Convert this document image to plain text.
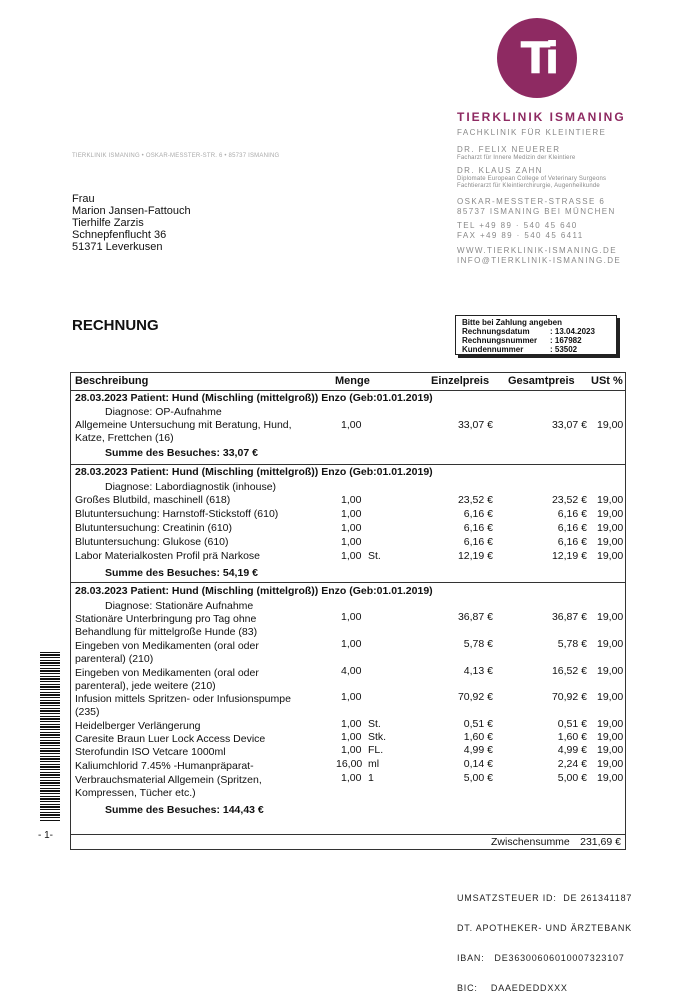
Ti
TIERKLINIK ISMANING
FACHKLINIK FÜR KLEINTIERE
DR. FELIX NEUERER
Facharzt für Innere Medizin der Kleintiere
DR. KLAUS ZAHN
Diplomate European College of Veterinary Surgeons
Fachtierarzt für Kleintierchirurgie, Augenheilkunde
OSKAR-MESSTER-STRASSE 6
85737 ISMANING BEI MÜNCHEN
TEL +49 89 · 540 45 640
FAX +49 89 · 540 45 6411
WWW.TIERKLINIK-ISMANING.DE
INFO@TIERKLINIK-ISMANING.DE
TIERKLINIK ISMANING • OSKAR-MESSTER-STR. 6 • 85737 ISMANING
Frau
Marion Jansen-Fattouch
Tierhilfe Zarzis
Schnepfenflucht 36
51371 Leverkusen
RECHNUNG	Bitte bei Zahlung angeben
Rechnungsdatum	: 13.04.2023
Rechnungsnummer	: 167982
Kundennummer	: 53502
Beschreibung	Menge	Einzelpreis Gesamtpreis USt %
28.03.2023 Patient: Hund (Mischling (mittelgroß)) Enzo (Geb:01.01.2019)
Diagnose: OP-Aufnahme
Allgemeine Untersuchung mit Beratung, Hund,
Katze, Frettchen (16)
1,00	33,07 €	33,07 € 19,00
Summe des Besuches: 33,07 €
28.03.2023 Patient: Hund (Mischling (mittelgroß)) Enzo (Geb:01.01.2019)
Diagnose: Labordiagnostik (inhouse)
Großes Blutbild, maschinell (618)	1,00	23,52 €	23,52 € 19,00
Blutuntersuchung: Harnstoff-Stickstoff (610)	1,00	6,16 €	6,16 € 19,00
Blutuntersuchung: Creatinin (610)	1,00	6,16 €	6,16 € 19,00
Blutuntersuchung: Glukose (610)	1,00	6,16 €	6,16 € 19,00
Labor Materialkosten Profil prä Narkose	1,00 St.	12,19 €	12,19 € 19,00
Summe des Besuches: 54,19 €
28.03.2023 Patient: Hund (Mischling (mittelgroß)) Enzo (Geb:01.01.2019)
Diagnose: Stationäre Aufnahme
Stationäre Unterbringung pro Tag ohne
Behandlung für mittelgroße Hunde (83)
1,00	36,87 €	36,87 € 19,00
Eingeben von Medikamenten (oral oder
parenteral) (210)
1,00	5,78 €	5,78 € 19,00
Eingeben von Medikamenten (oral oder
parenteral), jede weitere (210)
4,00	4,13 €	16,52 € 19,00
Infusion mittels Spritzen- oder Infusionspumpe
(235)
1,00	70,92 €	70,92 € 19,00
Heidelberger Verlängerung	1,00 St.	0,51 €	0,51 € 19,00
Caresite Braun Luer Lock Access Device	1,00 Stk.	1,60 €	1,60 € 19,00
Sterofundin ISO Vetcare 1000ml	1,00 FL.	4,99 €	4,99 € 19,00
Kaliumchlorid 7.45% -Humanpräparat-	16,00 ml	0,14 €	2,24 € 19,00
Verbrauchsmaterial Allgemein (Spritzen,
Kompressen, Tücher etc.)
1,00 1	5,00 €	5,00 € 19,00
Summe des Besuches: 144,43 €
Zwischensumme 231,69 €
- 1-

UMSATZSTEUER ID:  DE 261341187

DT. APOTHEKER- UND ÄRZTEBANK

IBAN:   DE36300606010007323107

BIC:    DAAEDEDDXXX
